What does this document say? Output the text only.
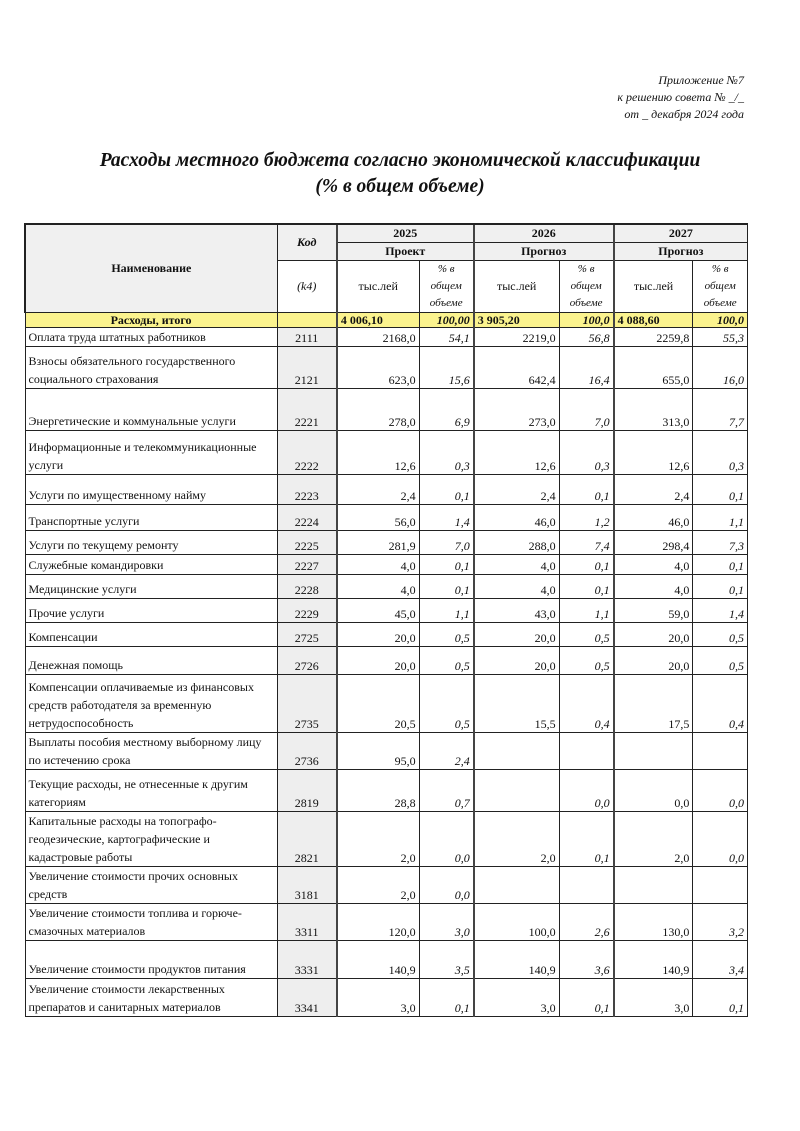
Приложение №7
к решению совета № _/_
от _ декабря 2024 года
Расходы местного бюджета согласно экономической классификации
(% в общем объеме)
Наименование	Код	2025		2026		2027	
		Проект		Прогноз		Прогноз	
	(k4)	тыс.лей	% в общем объеме	тыс.лей	% в общем объеме	тыс.лей	% в общем объеме
Расходы, итого		4 006,10	100,00	3 905,20	100,0	4 088,60	100,0
Оплата труда штатных работников	2111	2168,0	54,1	2219,0	56,8	2259,8	55,3
Взносы обязательного государственного социального страхования	2121	623,0	15,6	642,4	16,4	655,0	16,0
Энергетические и коммунальные услуги	2221	278,0	6,9	273,0	7,0	313,0	7,7
Информационные и телекоммуникационные услуги	2222	12,6	0,3	12,6	0,3	12,6	0,3
Услуги по имущественному найму	2223	2,4	0,1	2,4	0,1	2,4	0,1
Транспортные услуги	2224	56,0	1,4	46,0	1,2	46,0	1,1
Услуги по текущему ремонту	2225	281,9	7,0	288,0	7,4	298,4	7,3
Служебные командировки	2227	4,0	0,1	4,0	0,1	4,0	0,1
Медицинские услуги	2228	4,0	0,1	4,0	0,1	4,0	0,1
Прочие услуги	2229	45,0	1,1	43,0	1,1	59,0	1,4
Компенсации	2725	20,0	0,5	20,0	0,5	20,0	0,5
Денежная помощь	2726	20,0	0,5	20,0	0,5	20,0	0,5
Компенсации оплачиваемые из финансовых средств работодателя за временную нетрудоспособность	2735	20,5	0,5	15,5	0,4	17,5	0,4
Выплаты пособия местному выборному лицу по истечению срока	2736	95,0	2,4				
Текущие расходы, не отнесенные к другим категориям	2819	28,8	0,7		0,0	0,0	0,0
Капитальные расходы на топографо-геодезические, картографические и кадастровые работы	2821	2,0	0,0	2,0	0,1	2,0	0,0
Увеличение стоимости прочих основных средств	3181	2,0	0,0				
Увеличение стоимости топлива и горюче-смазочных материалов	3311	120,0	3,0	100,0	2,6	130,0	3,2
Увеличение стоимости продуктов питания	3331	140,9	3,5	140,9	3,6	140,9	3,4
Увеличение стоимости лекарственных препаратов и санитарных материалов	3341	3,0	0,1	3,0	0,1	3,0	0,1
